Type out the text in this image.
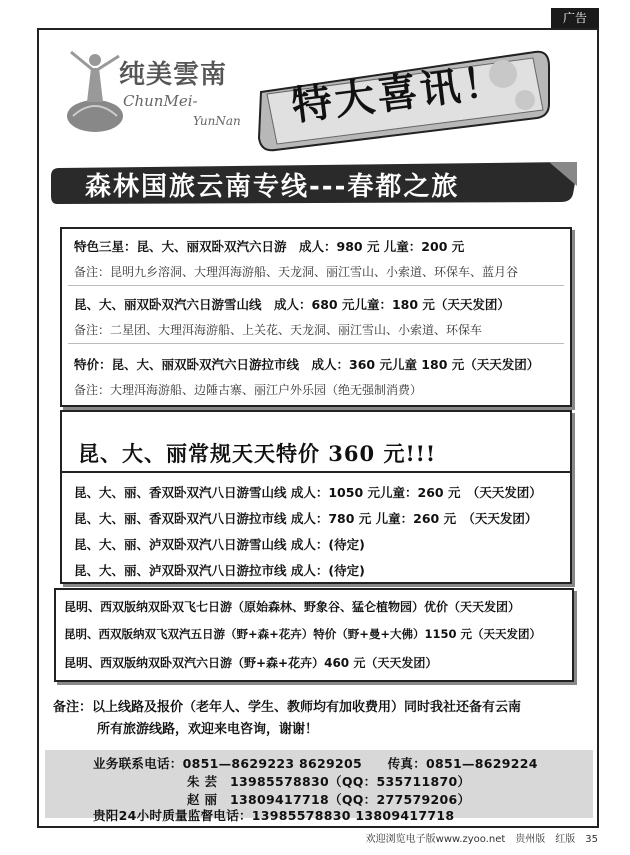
广告
纯美雲南
ChunMei-
YunNan 特大喜讯！
森林国旅云南专线---春都之旅
特色三星：昆、大、丽双卧双汽六日游　成人：980 元 儿童：200 元
备注：昆明九乡溶洞、大理洱海游船、天龙洞、丽江雪山、小索道、环保车、蓝月谷
昆、大、丽双卧双汽六日游雪山线　成人：680 元儿童：180 元（天天发团）
备注：二星团、大理洱海游船、上关花、天龙洞、丽江雪山、小索道、环保车
特价：昆、大、丽双卧双汽六日游拉市线　成人：360 元儿童 180 元（天天发团）
备注：大理洱海游船、边陲古寨、丽江户外乐园（绝无强制消费）
昆、大、丽常规天天特价 360 元!!!
昆、大、丽、香双卧双汽八日游雪山线 成人：1050 元儿童：260 元　（天天发团）
昆、大、丽、香双卧双汽八日游拉市线 成人：780 元 儿童：260 元　（天天发团）
昆、大、丽、泸双卧双汽八日游雪山线 成人：(待定)
昆、大、丽、泸双卧双汽八日游拉市线 成人：(待定)
昆明、西双版纳双卧双飞七日游（原始森林、野象谷、猛仑植物园）优价（天天发团）
昆明、西双版纳双飞双汽五日游（野+森+花卉）特价（野+曼+大佛）1150 元（天天发团）
昆明、西双版纳双卧双汽六日游（野+森+花卉）460 元（天天发团）
备注：以上线路及报价（老年人、学生、教师均有加收费用）同时我社还备有云南
所有旅游线路，欢迎来电咨询，谢谢！
业务联系电话：0851—8629223 8629205　　传真：0851—8629224
朱 芸　13985578830（QQ：535711870）
赵 丽　13809417718（QQ：277579206）
贵阳24小时质量监督电话：13985578830 13809417718
欢迎浏览电子版www.zyoo.net　贵州版　红版　35
